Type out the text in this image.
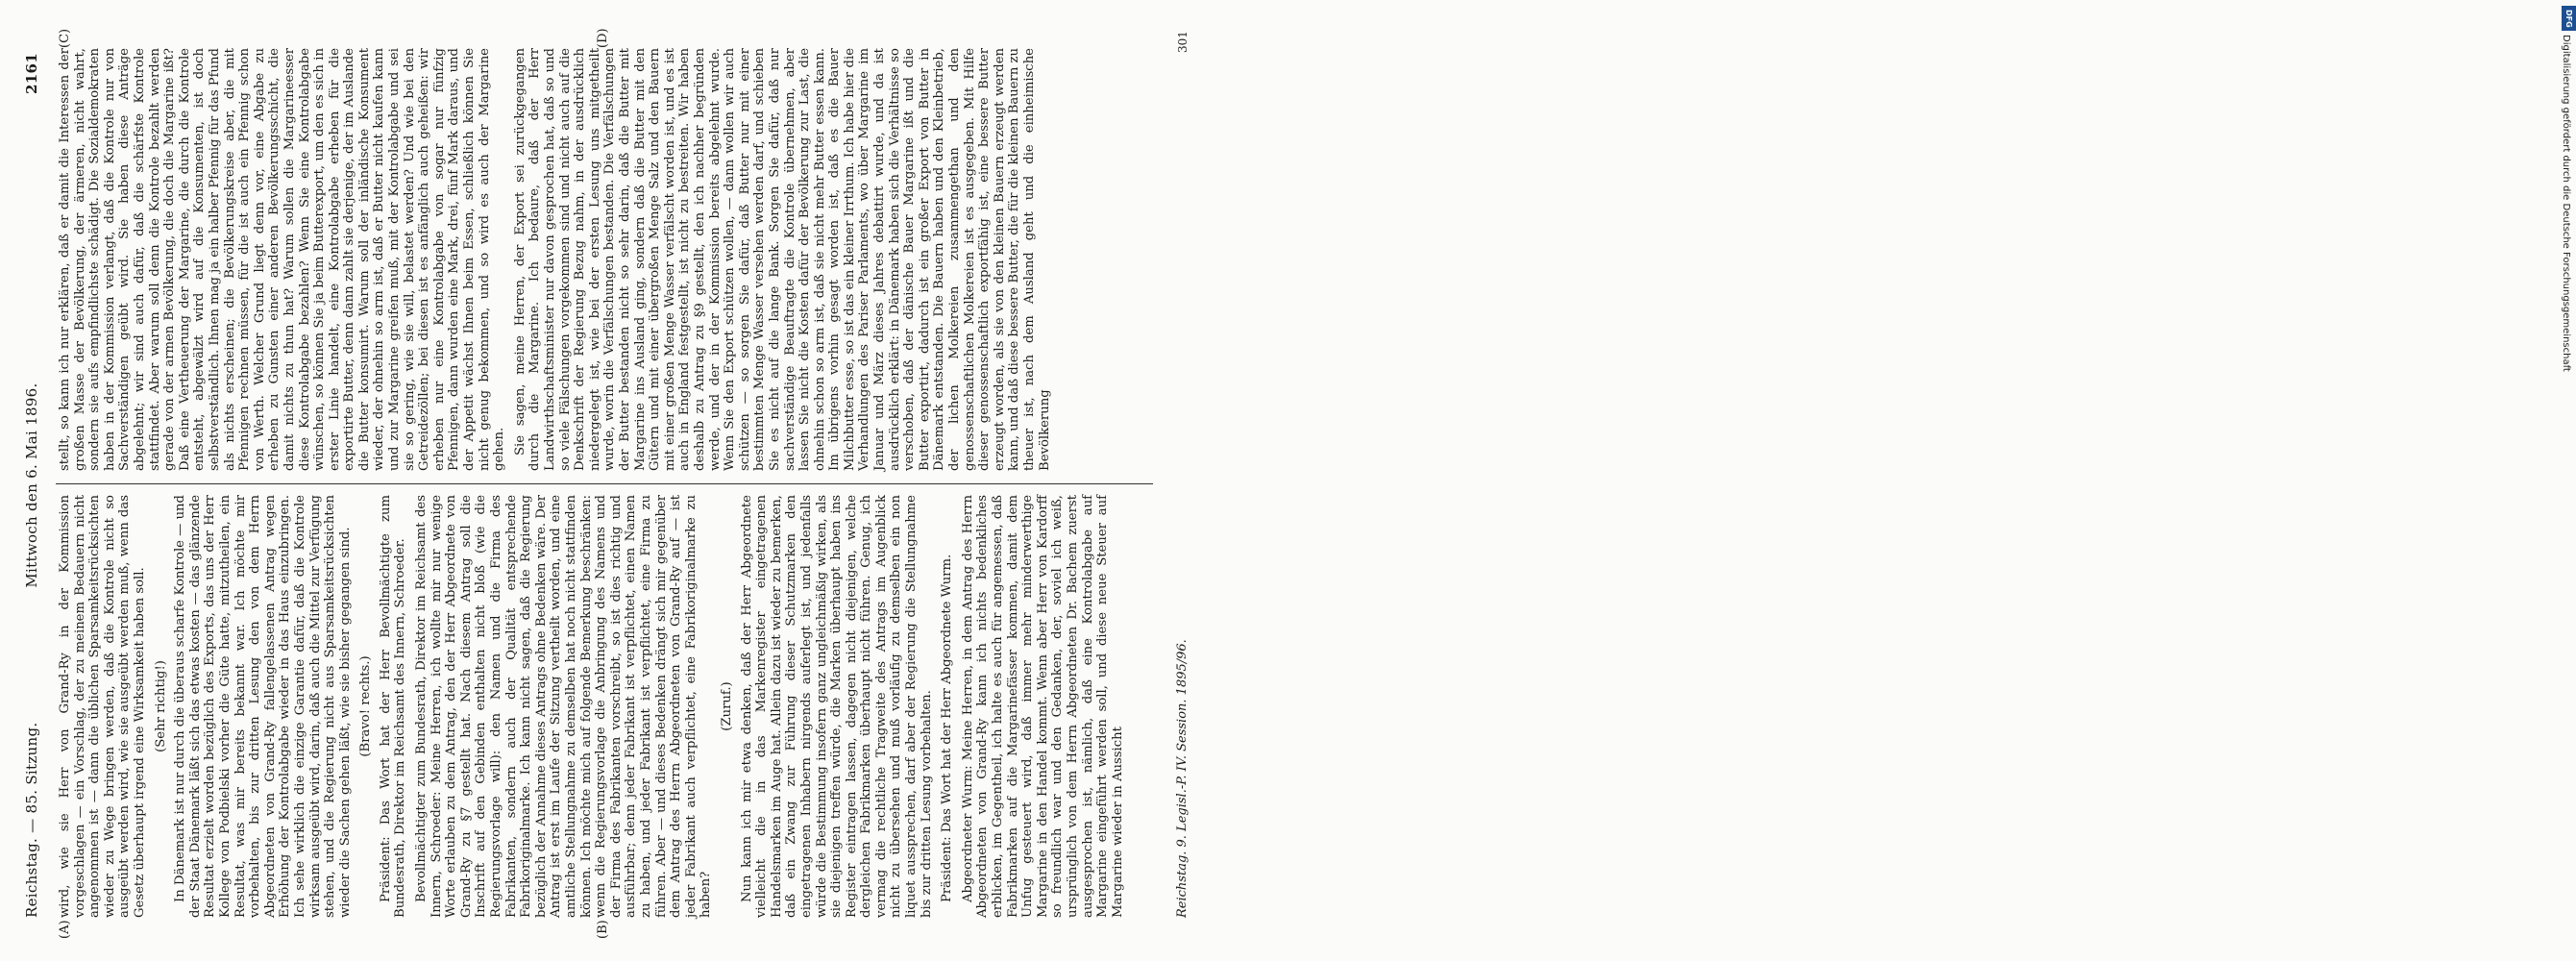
Reichstag. — 85. Sitzung.
Mittwoch den 6. Mai 1896.
2161
(A)	(B)
(C)	(D)

wird, wie sie Herr von Grand-Ry in der Kommission vorgeschlagen — ein Vorschlag, der zu meinem Bedauern nicht angenommen ist — dann die üblichen Sparsamkeitsrücksichten wieder zu Wege bringen werden, daß die Kontrole nicht so ausgeübt werden wird, wie sie ausgeübt werden muß, wenn das Gesetz überhaupt irgend eine Wirksamkeit haben soll. (Sehr richtig!) In Dänemark ist nur durch die überaus scharfe Kontrole — und der Staat Dänemark läßt sich das etwas kosten — das glänzende Resultat erzielt worden bezüglich des Exports, das uns der Herr Kollege von Podbielski vorher die Güte hatte, mitzutheilen, ein Resultat, was mir bereits bekannt war. Ich möchte mir vorbehalten, bis zur dritten Lesung den von dem Herrn Abgeordneten von Grand-Ry fallengelassenen Antrag wegen Erhöhung der Kontrolabgabe wieder in das Haus einzubringen. Ich sehe wirklich die einzige Garantie dafür, daß die Kontrole wirksam ausgeübt wird, darin, daß auch die Mittel zur Verfügung stehen, und die Regierung nicht aus Sparsamkeitsrücksichten wieder die Sachen gehen läßt, wie sie bisher gegangen sind. (Bravo! rechts.) Präsident: Das Wort hat der Herr Bevollmächtigte zum Bundesrath, Direktor im Reichsamt des Innern, Schroeder. Bevollmächtigter zum Bundesrath, Direktor im Reichsamt des Innern, Schroeder: Meine Herren, ich wollte mir nur wenige Worte erlauben zu dem Antrag, den der Herr Abgeordnete von Grand-Ry zu §7 gestellt hat. Nach diesem Antrag soll die Inschrift auf den Gebinden enthalten nicht bloß (wie die Regierungsvorlage will): den Namen und die Firma des Fabrikanten, sondern auch der Qualität entsprechende Fabrikoriginalmarke. Ich kann nicht sagen, daß die Regierung bezüglich der Annahme dieses Antrags ohne Bedenken wäre. Der Antrag ist erst im Laufe der Sitzung vertheilt worden, und eine amtliche Stellungnahme zu demselben hat noch nicht stattfinden können. Ich möchte mich auf folgende Bemerkung beschränken: wenn die Regierungsvorlage die Anbringung des Namens und der Firma des Fabrikanten vorschreibt, so ist dies richtig und ausführbar; denn jeder Fabrikant ist verpflichtet, einen Namen zu haben, und jeder Fabrikant ist verpflichtet, eine Firma zu führen. Aber — und dieses Bedenken drängt sich mir gegenüber dem Antrag des Herrn Abgeordneten von Grand-Ry auf — ist jeder Fabrikant auch verpflichtet, eine Fabrikoriginalmarke zu haben?

(Zuruf.) Nun kann ich mir etwa denken, daß der Herr Abgeordnete vielleicht die in das Markenregister eingetragenen Handelsmarken im Auge hat. Allein dazu ist wieder zu bemerken, daß ein Zwang zur Führung dieser Schutzmarken den eingetragenen Inhabern nirgends auferlegt ist, und jedenfalls würde die Bestimmung insofern ganz ungleichmäßig wirken, als sie diejenigen treffen würde, die Marken überhaupt haben ins Register eintragen lassen, dagegen nicht diejenigen, welche dergleichen Fabrikmarken überhaupt nicht führen. Genug, ich vermag die rechtliche Tragweite des Antrags im Augenblick nicht zu übersehen und muß vorläufig zu demselben ein non liquet aussprechen, darf aber der Regierung die Stellungnahme bis zur dritten Lesung vorbehalten. Präsident: Das Wort hat der Herr Abgeordnete Wurm. Abgeordneter Wurm: Meine Herren, in dem Antrag des Herrn Abgeordneten von Grand-Ry kann ich nichts bedenkliches erblicken, im Gegentheil, ich halte es auch für angemessen, daß Fabrikmarken auf die Margarinefässer kommen, damit dem Unfug gesteuert wird, daß immer mehr minderwerthige Margarine in den Handel kommt. Wenn aber Herr von Kardorff so freundlich war und den Gedanken, der, soviel ich weiß, ursprünglich von dem Herrn Abgeordneten Dr. Bachem zuerst ausgesprochen ist, nämlich, daß eine Kontrolabgabe auf Margarine eingeführt werden soll, und diese neue Steuer auf Margarine wieder in Aussicht

stellt, so kann ich nur erklären, daß er damit die Interessen der großen Masse der Bevölkerung, der ärmeren, nicht wahrt, sondern sie aufs empfindlichste schädigt. Die Sozialdemokraten haben in der Kommission verlangt, daß die Kontrole nur von Sachverständigen geübt wird. Sie haben diese Anträge abgelehnt; wir sind auch dafür, daß die schärfste Kontrole stattfindet. Aber warum soll denn die Kontrole bezahlt werden gerade von der armen Bevölkerung, die doch die Margarine ißt? Daß eine Vertheuerung der Margarine, die durch die Kontrole entsteht, abgewälzt wird auf die Konsumenten, ist doch selbstverständlich. Ihnen mag ja ein halber Pfennig für das Pfund als nichts erscheinen; die Bevölkerungskreise aber, die mit Pfennigen rechnen müssen, für die ist auch ein Pfennig schon von Werth. Welcher Grund liegt denn vor, eine Abgabe zu erheben zu Gunsten einer anderen Bevölkerungsschicht, die damit nichts zu thun hat? Warum sollen die Margarineesser diese Kontrolabgabe bezahlen? Wenn Sie eine Kontrolabgabe wünschen, so können Sie ja beim Butterexport, um den es sich in erster Linie handelt, eine Kontrolabgabe erheben für die exportirte Butter, denn dann zahlt sie derjenige, der im Auslande die Butter konsumirt. Warum soll der inländische Konsument wieder, der ohnehin so arm ist, daß er Butter nicht kaufen kann und zur Margarine greifen muß, mit der Kontrolabgabe und sei sie so gering, wie sie will, belastet werden? Und wie bei den Getreidezöllen; bei diesen ist es anfänglich auch geheißen: wir erheben nur eine Kontrolabgabe von sogar nur fünfzig Pfennigen, dann wurden eine Mark, drei, fünf Mark daraus, und der Appetit wächst Ihnen beim Essen, schließlich können Sie nicht genug bekommen, und so wird es auch der Margarine gehen. Sie sagen, meine Herren, der Export sei zurückgegangen durch die Margarine. Ich bedaure, daß der Herr Landwirthschaftsminister nur davon gesprochen hat, daß so und so viele Fälschungen vorgekommen sind und nicht auch auf die Denkschrift der Regierung Bezug nahm, in der ausdrücklich niedergelegt ist, wie bei der ersten Lesung uns mitgetheilt wurde, worin die Verfälschungen bestanden. Die Verfälschungen der Butter bestanden nicht so sehr darin, daß die Butter mit Margarine ins Ausland ging, sondern daß die Butter mit den Gütern und mit einer übergroßen Menge Salz und den Bauern mit einer großen Menge Wasser verfälscht worden ist, und es ist auch in England festgestellt, ist nicht zu bestreiten. Wir haben deshalb zu Antrag zu §9 gestellt, den ich nachher begründen werde, und der in der Kommission bereits abgelehnt wurde. Wenn Sie den Export schützen wollen, — dann wollen wir auch schützen — so sorgen Sie dafür, daß Butter nur mit einer bestimmten Menge Wasser versehen werden darf, und schieben Sie es nicht auf die lange Bank. Sorgen Sie dafür, daß nur sachverständige Beauftragte die Kontrole übernehmen, aber lassen Sie nicht die Kosten dafür der Bevölkerung zur Last, die ohnehin schon so arm ist, daß sie nicht mehr Butter essen kann. Im übrigens vorhin gesagt worden ist, daß es die Bauer Milchbutter esse, so ist das ein kleiner Irrthum. Ich habe hier die Verhandlungen des Pariser Parlaments, wo über Margarine im Januar und März dieses Jahres debattirt wurde, und da ist ausdrücklich erklärt: in Dänemark haben sich die Verhältnisse so verschoben, daß der dänische Bauer Margarine ißt und die Butter exportirt, dadurch ist ein großer Export von Butter in Dänemark entstanden. Die Bauern haben und den Kleinbetrieb, der lichen Molkereien zusammengethan und den genossenschaftlichen Molkereien ist es ausgegeben. Mit Hilfe dieser genossenschaftlich exportfähig ist, eine bessere Butter erzeugt worden, als sie von den kleinen Bauern erzeugt werden kann, und daß diese bessere Butter, die für die kleinen Bauern zu theuer ist, nach dem Ausland geht und die einheimische Bevölkerung

Reichstag. 9. Legisl.-P. IV. Session. 1895/96.
301
DFG
Digitalisierung gefördert durch die Deutsche Forschungsgemeinschaft
